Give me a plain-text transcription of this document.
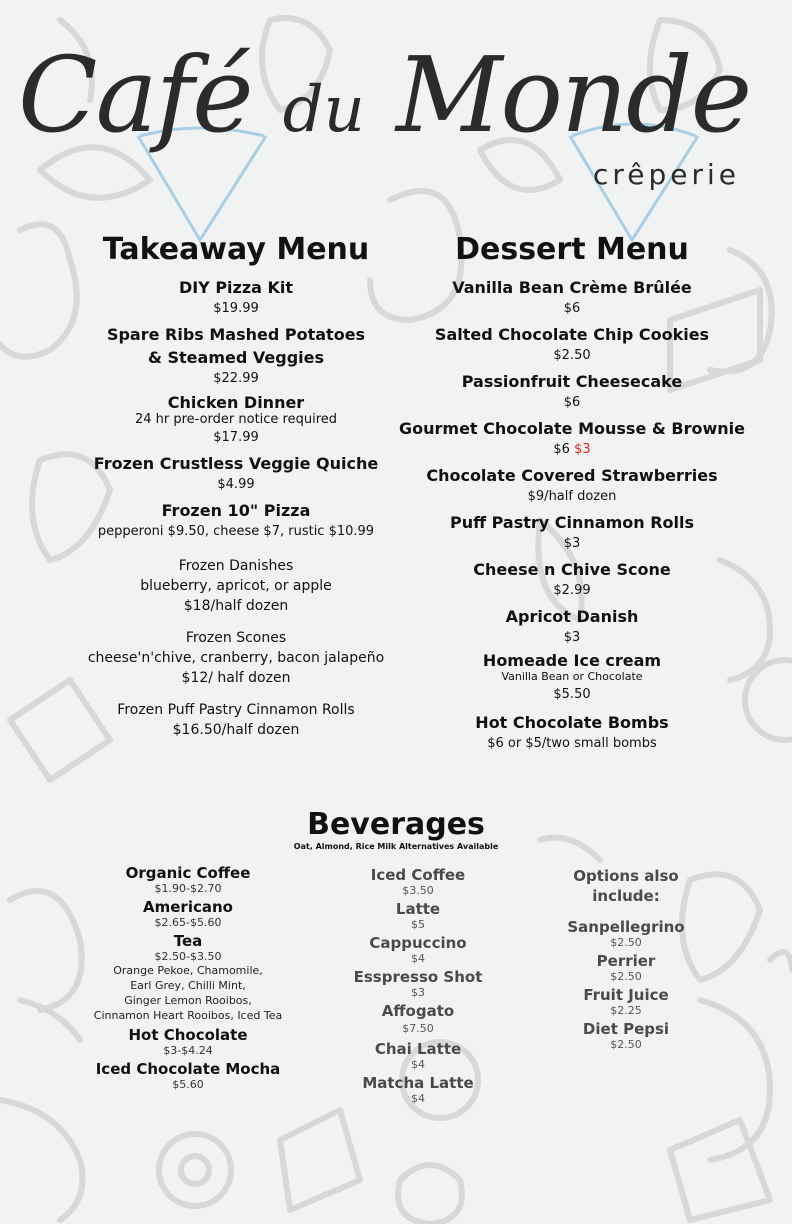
Café du Monde
crêperie
Takeaway Menu
DIY Pizza Kit
$19.99
Spare Ribs Mashed Potatoes
& Steamed Veggies
$22.99
Chicken Dinner
24 hr pre-order notice required
$17.99
Frozen Crustless Veggie Quiche
$4.99
Frozen 10" Pizza
pepperoni $9.50, cheese $7, rustic $10.99
Frozen Danishes
blueberry, apricot, or apple
$18/half dozen
Frozen Scones
cheese'n'chive, cranberry, bacon jalapeño
$12/ half dozen
Frozen Puff Pastry Cinnamon Rolls
$16.50/half dozen
Dessert Menu
Vanilla Bean Crème Brûlée
$6
Salted Chocolate Chip Cookies
$2.50
Passionfruit Cheesecake
$6
Gourmet Chocolate Mousse & Brownie
$6 $3
Chocolate Covered Strawberries
$9/half dozen
Puff Pastry Cinnamon Rolls
$3
Cheese n Chive Scone
$2.99
Apricot Danish
$3
Homeade Ice cream
Vanilla Bean or Chocolate
$5.50
Hot Chocolate Bombs
$6 or $5/two small bombs
Beverages
Oat, Almond, Rice Milk Alternatives Available
Organic Coffee
$1.90-$2.70
Americano
$2.65-$5.60
Tea
$2.50-$3.50
Orange Pekoe, Chamomile,
Earl Grey, Chilli Mint,
Ginger Lemon Rooibos,
Cinnamon Heart Rooibos, Iced Tea
Hot Chocolate
$3-$4.24
Iced Chocolate Mocha
$5.60
Iced Coffee
$3.50
Latte
$5
Cappuccino
$4
Esspresso Shot
$3
Affogato
$7.50
Chai Latte
$4
Matcha Latte
$4
Options also
include:
Sanpellegrino
$2.50
Perrier
$2.50
Fruit Juice
$2.25
Diet Pepsi
$2.50
